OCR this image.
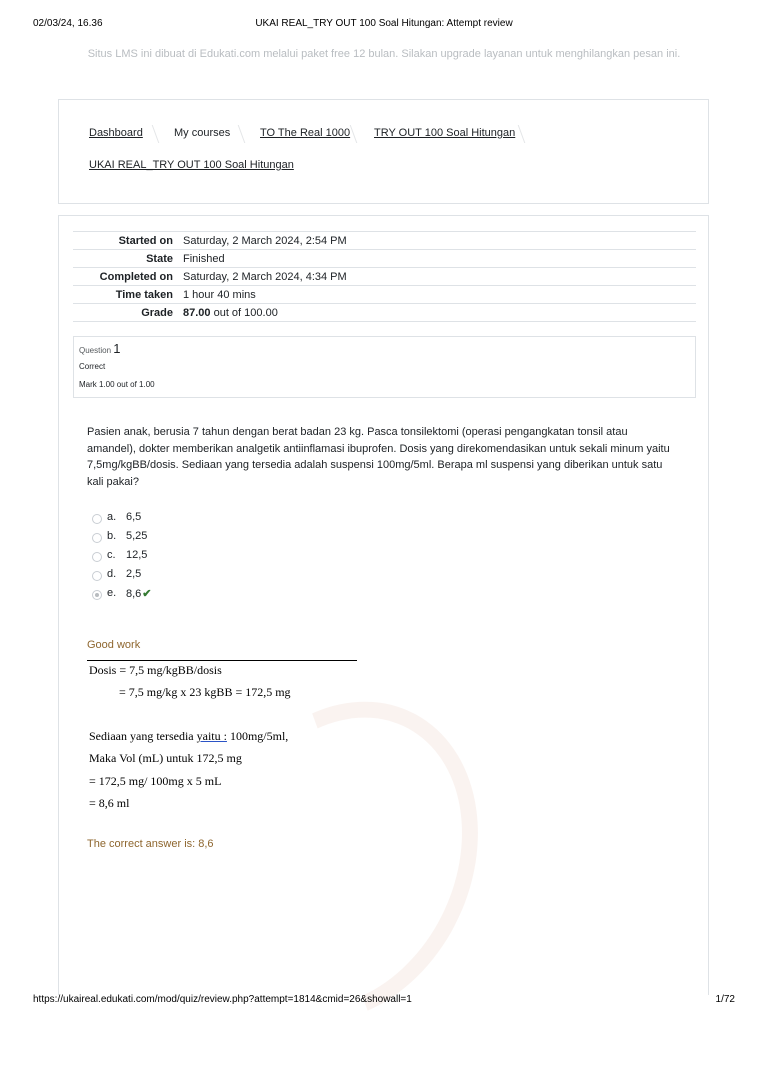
02/03/24, 16.36	UKAI REAL_TRY OUT 100 Soal Hitungan: Attempt review
Situs LMS ini dibuat di Edukati.com melalui paket free 12 bulan. Silakan upgrade layanan untuk menghilangkan pesan ini.
Dashboard	My courses	TO The Real 1000 TRY OUT 100 Soal Hitungan
UKAI REAL_TRY OUT 100 Soal Hitungan
Started on	Saturday, 2 March 2024, 2:54 PM
State	Finished
Completed on	Saturday, 2 March 2024, 4:34 PM
Time taken	1 hour 40 mins
Grade	87.00 out of 100.00
Question 1
Correct
Mark 1.00 out of 1.00
Pasien anak, berusia 7 tahun dengan berat badan 23 kg. Pasca tonsilektomi (operasi pengangkatan tonsil atau amandel), dokter memberikan analgetik antiinflamasi ibuprofen. Dosis yang direkomendasikan untuk sekali minum yaitu 7,5mg/kgBB/dosis. Sediaan yang tersedia adalah suspensi 100mg/5ml. Berapa ml suspensi yang diberikan untuk satu kali pakai?
a. 6,5
b. 5,25
c. 12,5
d. 2,5
e. 8,6✔
Good work
Dosis = 7,5 mg/kgBB/dosis
= 7,5 mg/kg x 23 kgBB = 172,5 mg
Sediaan yang tersedia yaitu : 100mg/5ml,
Maka Vol (mL) untuk 172,5 mg
= 172,5 mg/ 100mg x 5 mL
= 8,6 ml
The correct answer is: 8,6
https://ukaireal.edukati.com/mod/quiz/review.php?attempt=1814&cmid=26&showall=1	1/72
